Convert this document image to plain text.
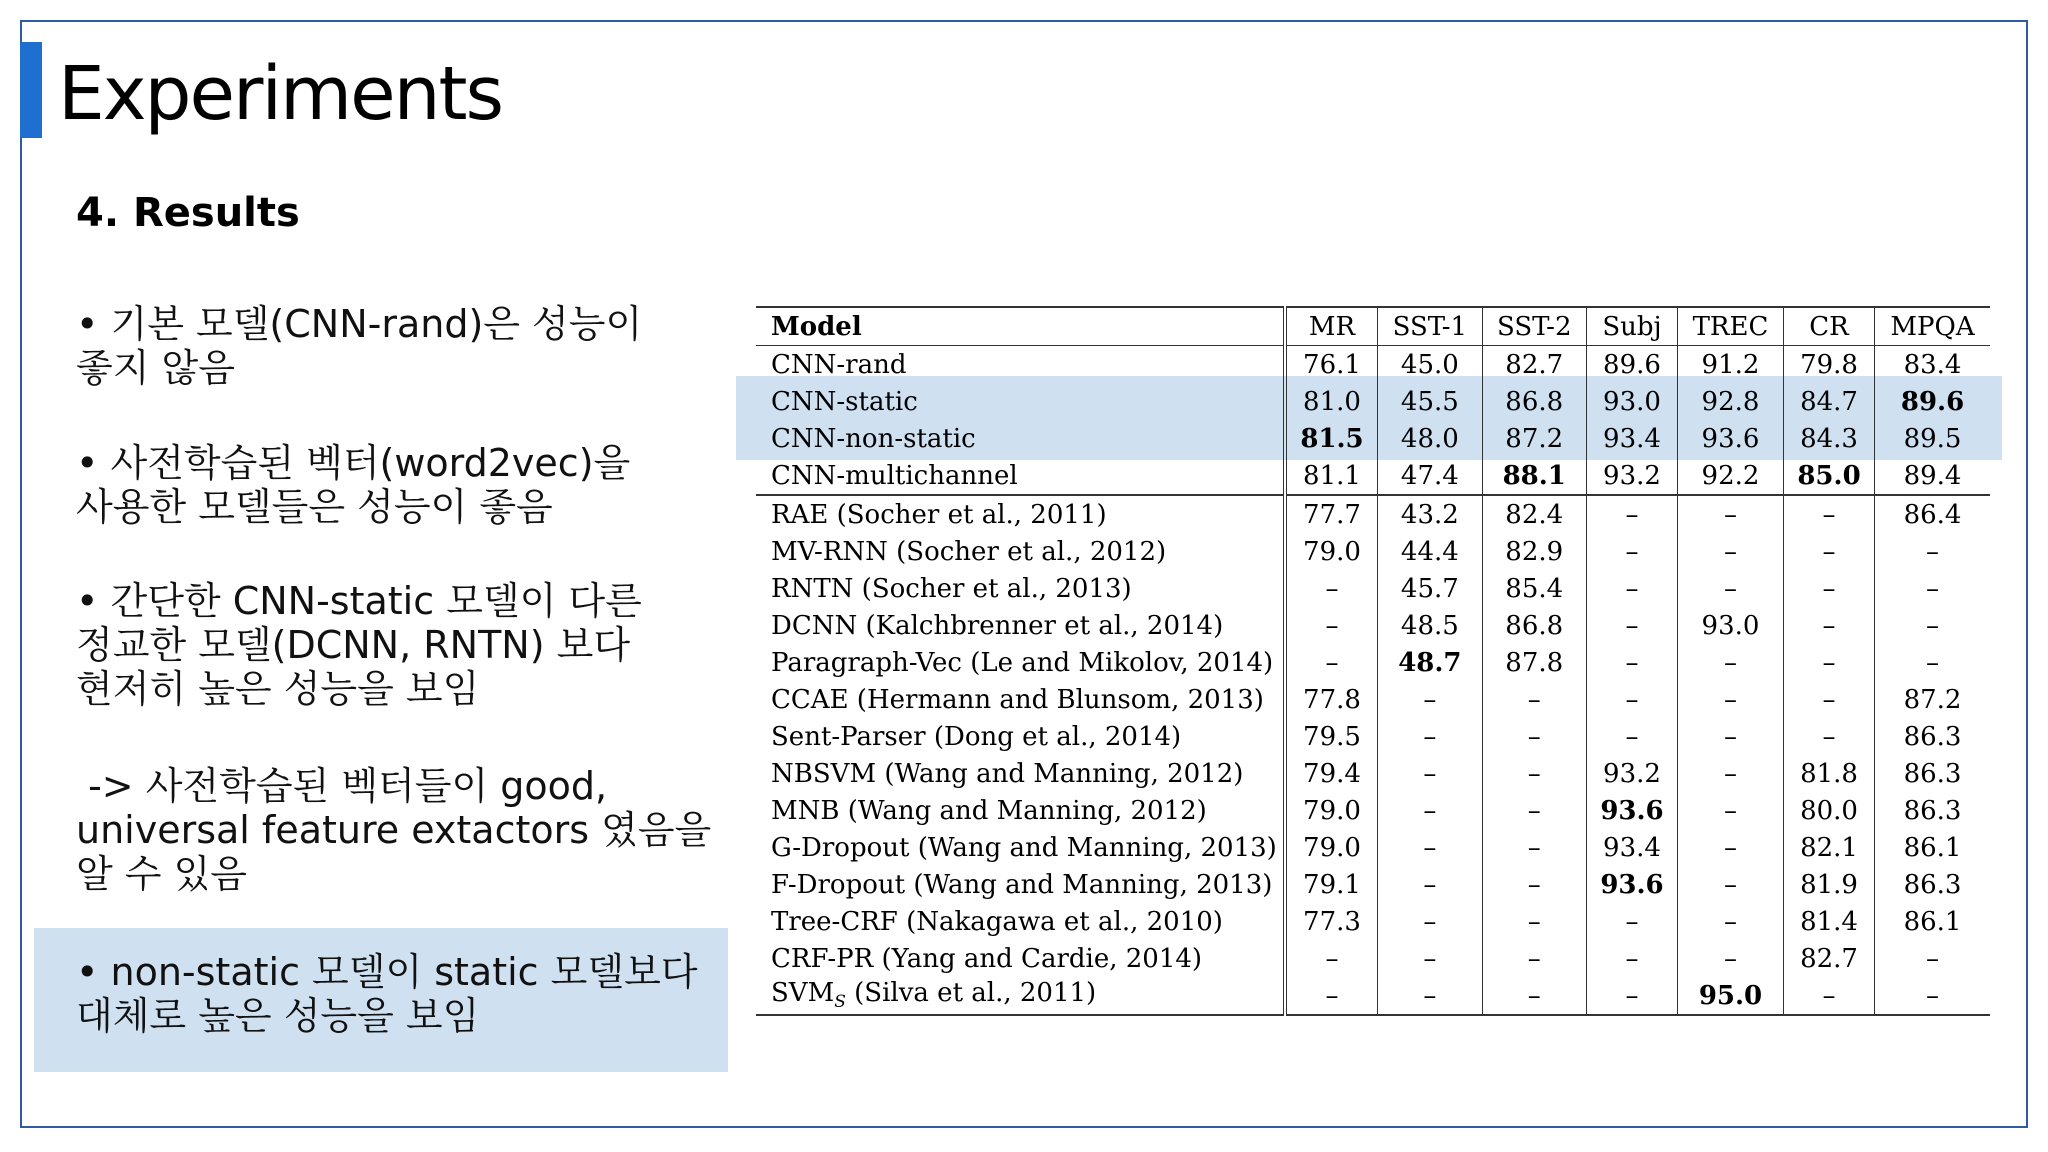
Experiments
4. Results
• 기본 모델(CNN-rand)은 성능이
좋지 않음
• 사전학습된 벡터(word2vec)을
사용한 모델들은 성능이 좋음
• 간단한 CNN-static 모델이 다른
정교한 모델(DCNN, RNTN) 보다
현저히 높은 성능을 보임
-> 사전학습된 벡터들이 good,
universal feature extactors 였음을
알 수 있음
• non-static 모델이 static 모델보다
대체로 높은 성능을 보임
Model	MR	SST-1	SST-2	Subj	TREC	CR	MPQA
CNN-rand	76.1	45.0	82.7	89.6	91.2	79.8	83.4
CNN-static	81.0	45.5	86.8	93.0	92.8	84.7	89.6
CNN-non-static	81.5	48.0	87.2	93.4	93.6	84.3	89.5
CNN-multichannel	81.1	47.4	88.1	93.2	92.2	85.0	89.4
RAE (Socher et al., 2011)	77.7	43.2	82.4	–	–	–	86.4
MV-RNN (Socher et al., 2012)	79.0	44.4	82.9	–	–	–	–
RNTN (Socher et al., 2013)	–	45.7	85.4	–	–	–	–
DCNN (Kalchbrenner et al., 2014)	–	48.5	86.8	–	93.0	–	–
Paragraph-Vec (Le and Mikolov, 2014)	–	48.7	87.8	–	–	–	–
CCAE (Hermann and Blunsom, 2013)	77.8	–	–	–	–	–	87.2
Sent-Parser (Dong et al., 2014)	79.5	–	–	–	–	–	86.3
NBSVM (Wang and Manning, 2012)	79.4	–	–	93.2	–	81.8	86.3
MNB (Wang and Manning, 2012)	79.0	–	–	93.6	–	80.0	86.3
G-Dropout (Wang and Manning, 2013)	79.0	–	–	93.4	–	82.1	86.1
F-Dropout (Wang and Manning, 2013)	79.1	–	–	93.6	–	81.9	86.3
Tree-CRF (Nakagawa et al., 2010)	77.3	–	–	–	–	81.4	86.1
CRF-PR (Yang and Cardie, 2014)	–	–	–	–	–	82.7	–
$SVM_S$ (Silva et al., 2011)	–	–	–	–	95.0	–	–
